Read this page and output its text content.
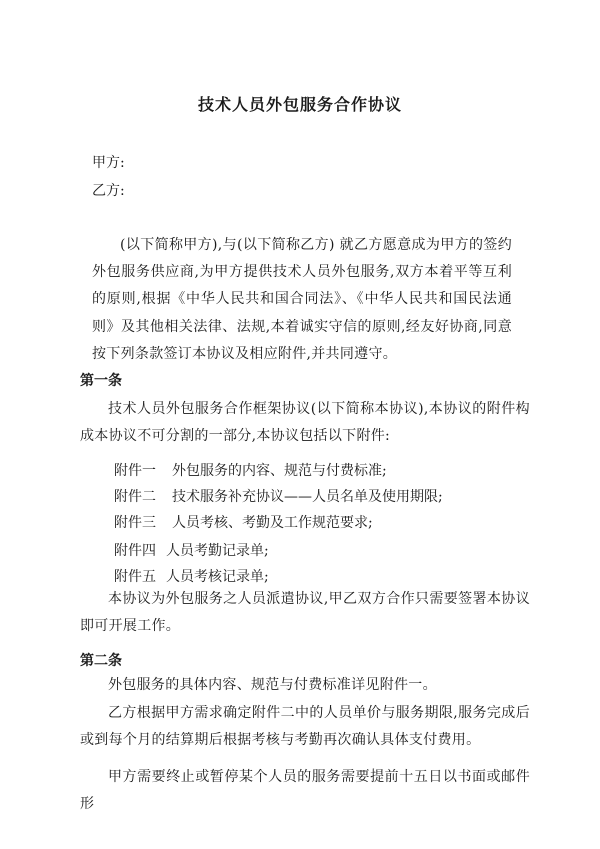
技术人员外包服务合作协议
甲方:
乙方:
(以下简称甲方),与(以下简称乙方) 就乙方愿意成为甲方的签约外包服务供应商,为甲方提供技术人员外包服务,双方本着平等互利的原则,根据《中华人民共和国合同法》、《中华人民共和国民法通则》及其他相关法律、法规,本着诚实守信的原则,经友好协商,同意按下列条款签订本协议及相应附件,并共同遵守。
第一条
技术人员外包服务合作框架协议(以下简称本协议),本协议的附件构成本协议不可分割的一部分,本协议包括以下附件:
附件一 外包服务的内容、规范与付费标准;
附件二 技术服务补充协议——人员名单及使用期限;
附件三 人员考核、考勤及工作规范要求;
附件四 人员考勤记录单;
附件五 人员考核记录单;
本协议为外包服务之人员派遣协议,甲乙双方合作只需要签署本协议即可开展工作。
第二条
外包服务的具体内容、规范与付费标准详见附件一。
乙方根据甲方需求确定附件二中的人员单价与服务期限,服务完成后或到每个月的结算期后根据考核与考勤再次确认具体支付费用。
甲方需要终止或暂停某个人员的服务需要提前十五日以书面或邮件形
